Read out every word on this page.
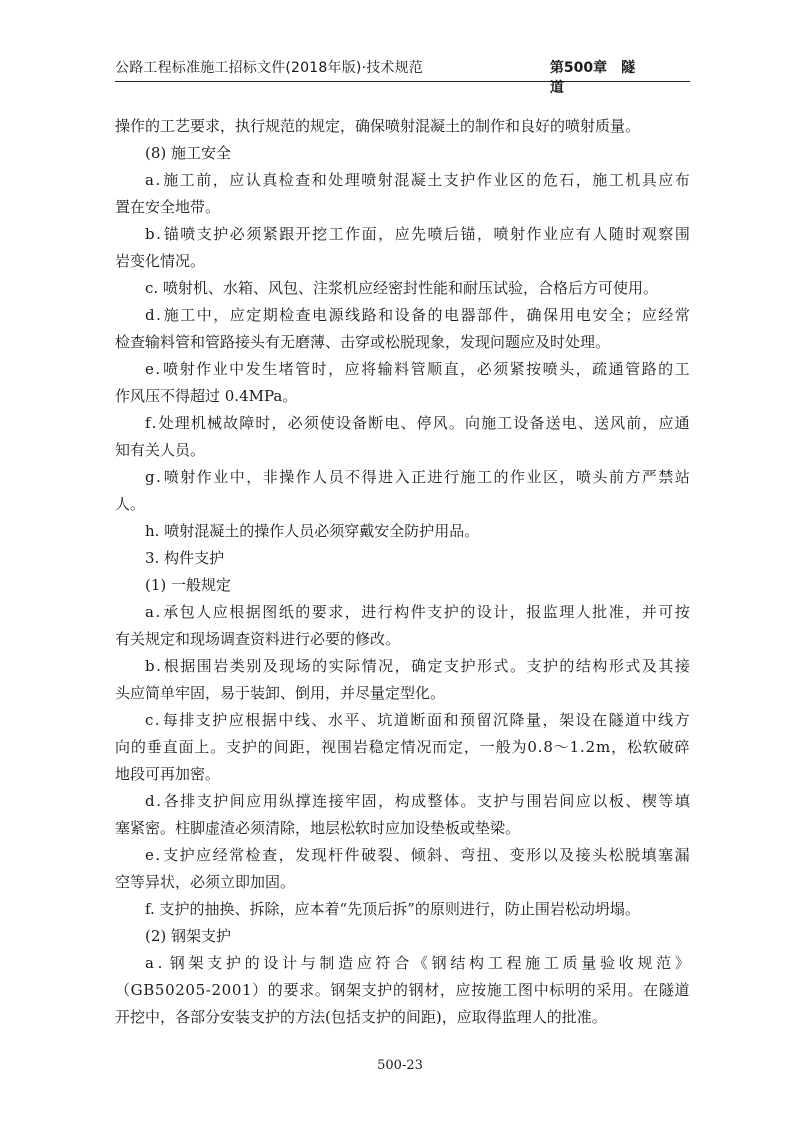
公路工程标准施工招标文件(2018年版)·技术规范	第500章 隧 道
操作的工艺要求，执行规范的规定，确保喷射混凝土的制作和良好的喷射质量。
(8) 施工安全
a . 施 工 前 ， 应 认 真 检 查 和 处 理 喷 射 混 凝 土 支 护 作 业 区 的 危 石 ， 施 工 机 具 应 布
置在安全地带。
b . 锚 喷 支 护 必 须 紧 跟 开 挖 工 作 面 ， 应 先 喷 后 锚 ， 喷 射 作 业 应 有 人 随 时 观 察 围
岩变化情况。
c. 喷射机、水箱、风包、注浆机应经密封性能和耐压试验，合格后方可使用。
d . 施 工 中 ， 应 定 期 检 查 电 源 线 路 和 设 备 的 电 器 部 件 ， 确 保 用 电 安 全 ； 应 经 常
检查输料管和管路接头有无磨薄、击穿或松脱现象，发现问题应及时处理。
e . 喷 射 作 业 中 发 生 堵 管 时 ， 应 将 输 料 管 顺 直 ， 必 须 紧 按 喷 头 ， 疏 通 管 路 的 工
作风压不得超过 0.4MPa。
f . 处 理 机 械 故 障 时 ， 必 须 使 设 备 断 电 、 停 风 。 向 施 工 设 备 送 电 、 送 风 前 ， 应 通
知有关人员。
g . 喷 射 作 业 中 ， 非 操 作 人 员 不 得 进 入 正 进 行 施 工 的 作 业 区 ， 喷 头 前 方 严 禁 站
人。
h. 喷射混凝土的操作人员必须穿戴安全防护用品。
3. 构件支护
(1) 一般规定
a . 承 包 人 应 根 据 图 纸 的 要 求 ， 进 行 构 件 支 护 的 设 计 ， 报 监 理 人 批 准 ， 并 可 按
有关规定和现场调查资料进行必要的修改。
b . 根 据 围 岩 类 别 及 现 场 的 实 际 情 况 ， 确 定 支 护 形 式 。 支 护 的 结 构 形 式 及 其 接
头应简单牢固，易于装卸、倒用，并尽量定型化。
c . 每 排 支 护 应 根 据 中 线 、 水 平 、 坑 道 断 面 和 预 留 沉 降 量 ， 架 设 在 隧 道 中 线 方
向 的 垂 直 面 上 。 支 护 的 间 距 ， 视 围 岩 稳 定 情 况 而 定 ， 一 般 为 0 . 8 ～ 1 . 2 m ， 松 软 破 碎
地段可再加密。
d . 各 排 支 护 间 应 用 纵 撑 连 接 牢 固 ， 构 成 整 体 。 支 护 与 围 岩 间 应 以 板 、 楔 等 填
塞紧密。柱脚虚渣必须清除，地层松软时应加设垫板或垫梁。
e . 支 护 应 经 常 检 查 ， 发 现 杆 件 破 裂 、 倾 斜 、 弯 扭 、 变 形 以 及 接 头 松 脱 填 塞 漏
空等异状，必须立即加固。
f. 支护的抽换、拆除，应本着“先顶后拆”的原则进行，防止围岩松动坍塌。
(2) 钢架支护
a . 钢 架 支 护 的 设 计 与 制 造 应 符 合 《 钢 结 构 工 程 施 工 质 量 验 收 规 范 》
（ G B 5 0 2 0 5 - 2 0 0 1 ） 的 要 求 。 钢 架 支 护 的 钢 材 ， 应 按 施 工 图 中 标 明 的 采 用 。 在 隧 道
开挖中，各部分安装支护的方法(包括支护的间距)，应取得监理人的批准。
500-23
